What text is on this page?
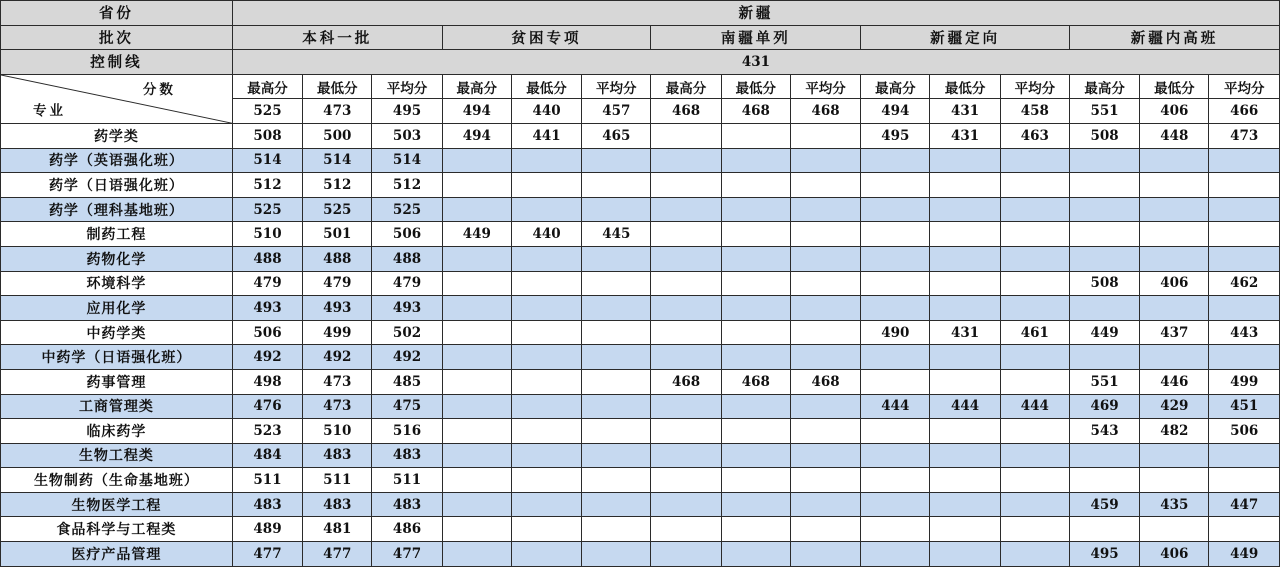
省份	新疆														
批次	本科一批			贫困专项			南疆单列			新疆定向			新疆内高班		
控制线	431														

分数
专业	最高分	最低分	平均分	最高分	最低分	平均分	最高分	最低分	平均分	最高分	最低分	平均分	最高分	最低分	平均分
	525	473	495	494	440	457	468	468	468	494	431	458	551	406	466
药学类	508	500	503	494	441	465				495	431	463	508	448	473
药学（英语强化班）	514	514	514												
药学（日语强化班）	512	512	512												
药学（理科基地班）	525	525	525												
制药工程	510	501	506	449	440	445									
药物化学	488	488	488												
环境科学	479	479	479										508	406	462
应用化学	493	493	493												
中药学类	506	499	502							490	431	461	449	437	443
中药学（日语强化班）	492	492	492												
药事管理	498	473	485				468	468	468				551	446	499
工商管理类	476	473	475							444	444	444	469	429	451
临床药学	523	510	516										543	482	506
生物工程类	484	483	483												
生物制药（生命基地班）	511	511	511												
生物医学工程	483	483	483										459	435	447
食品科学与工程类	489	481	486												
医疗产品管理	477	477	477										495	406	449
